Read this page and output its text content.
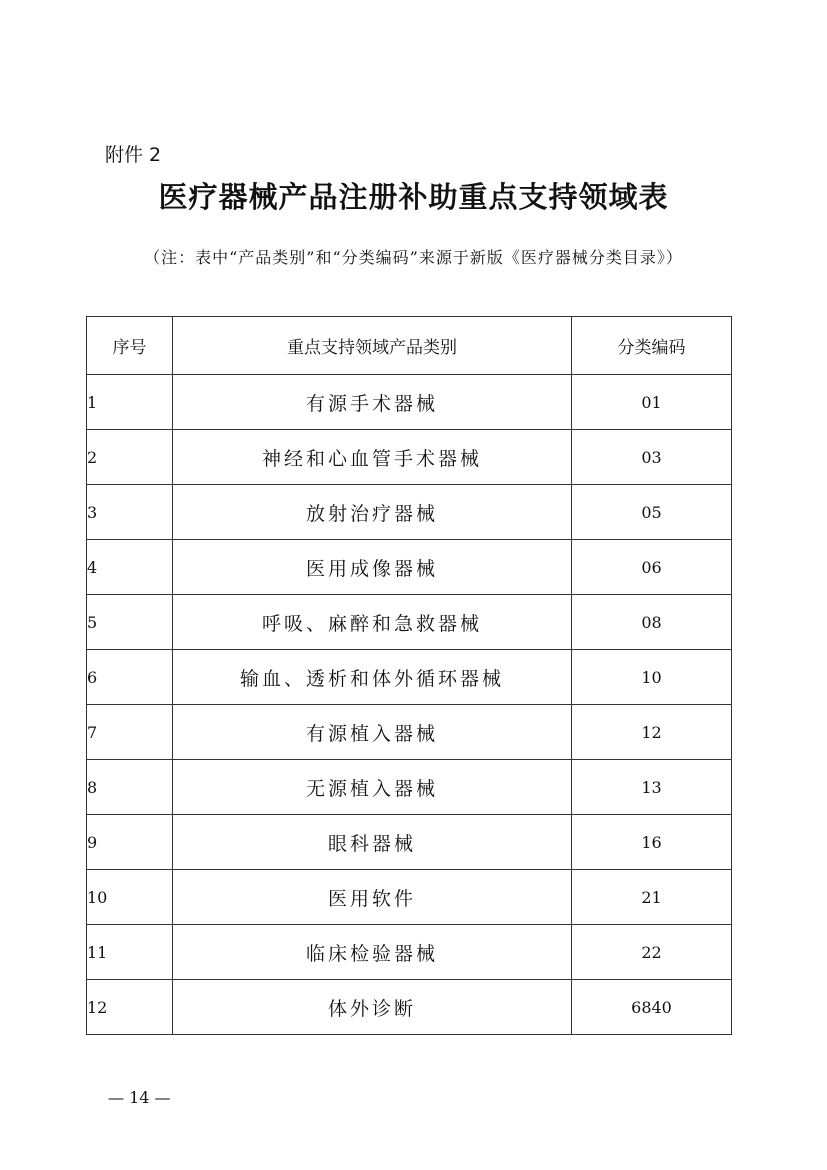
附件 2
医疗器械产品注册补助重点支持领域表
（注：表中“产品类别”和“分类编码”来源于新版《医疗器械分类目录》）
序号	重点支持领域产品类别	分类编码
1	有源手术器械	01
2	神经和心血管手术器械	03
3	放射治疗器械	05
4	医用成像器械	06
5	呼吸、麻醉和急救器械	08
6	输血、透析和体外循环器械	10
7	有源植入器械	12
8	无源植入器械	13
9	眼科器械	16
10	医用软件	21
11	临床检验器械	22
12	体外诊断	6840
— 14 —
